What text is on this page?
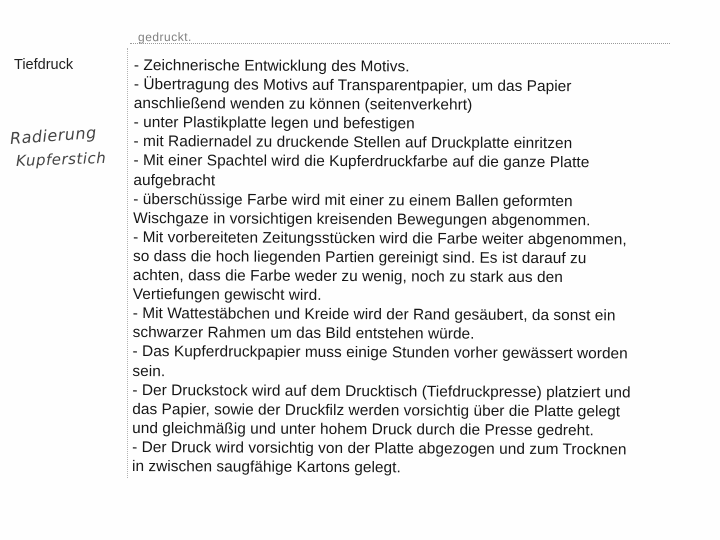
gedruckt.
Tiefdruck
Radierung
Kupferstich
- Zeichnerische Entwicklung des Motivs.
- Übertragung des Motivs auf Transparentpapier, um das Papier
anschließend wenden zu können (seitenverkehrt)
- unter Plastikplatte legen und befestigen
- mit Radiernadel zu druckende Stellen auf Druckplatte einritzen
- Mit einer Spachtel wird die Kupferdruckfarbe auf die ganze Platte
aufgebracht
- überschüssige Farbe wird mit einer zu einem Ballen geformten
Wischgaze in vorsichtigen kreisenden Bewegungen abgenommen.
- Mit vorbereiteten Zeitungsstücken wird die Farbe weiter abgenommen,
so dass die hoch liegenden Partien gereinigt sind. Es ist darauf zu
achten, dass die Farbe weder zu wenig, noch zu stark aus den
Vertiefungen gewischt wird.
- Mit Wattestäbchen und Kreide wird der Rand gesäubert, da sonst ein
schwarzer Rahmen um das Bild entstehen würde.
- Das Kupferdruckpapier muss einige Stunden vorher gewässert worden
sein.
- Der Druckstock wird auf dem Drucktisch (Tiefdruckpresse) platziert und
das Papier, sowie der Druckfilz werden vorsichtig über die Platte gelegt
und gleichmäßig und unter hohem Druck durch die Presse gedreht.
- Der Druck wird vorsichtig von der Platte abgezogen und zum Trocknen
in zwischen saugfähige Kartons gelegt.
